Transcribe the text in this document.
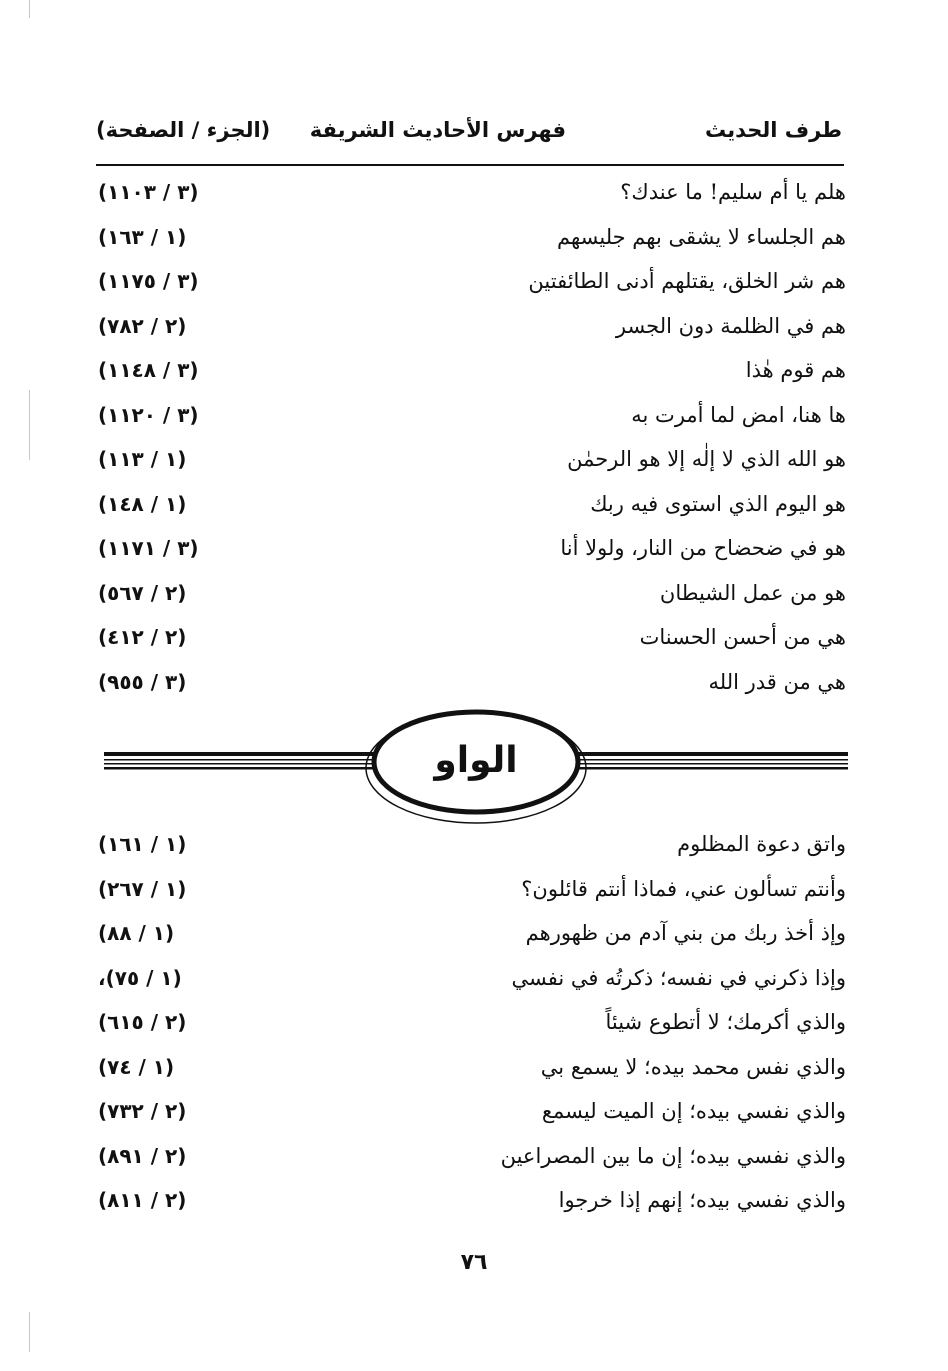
طرف الحديث
فهرس الأحاديث الشريفة
(الجزء / الصفحة)
هلم يا أم سليم! ما عندك؟
(٣ / ١١٠٣)
هم الجلساء لا يشقى بهم جليسهم
(١ / ١٦٣)
هم شر الخلق، يقتلهم أدنى الطائفتين
(٣ / ١١٧٥)
هم في الظلمة دون الجسر
(٢ / ٧٨٢)
هم قوم هٰذا
(٣ / ١١٤٨)
ها هنا، امض لما أمرت به
(٣ / ١١٢٠)
هو الله الذي لا إلٰه إلا هو الرحمٰن
(١ / ١١٣)
هو اليوم الذي استوى فيه ربك
(١ / ١٤٨)
هو في ضحضاح من النار، ولولا أنا
(٣ / ١١٧١)
هو من عمل الشيطان
(٢ / ٥٦٧)
هي من أحسن الحسنات
(٢ / ٤١٢)
هي من قدر الله
(٣ / ٩٥٥)
الواو
واتق دعوة المظلوم
(١ / ١٦١)
وأنتم تسألون عني، فماذا أنتم قائلون؟
(١ / ٢٦٧)
وإذ أخذ ربك من بني آدم من ظهورهم
(١ / ٨٨)
وإذا ذكرني في نفسه؛ ذكرتُه في نفسي
(١ / ٧٥)،
والذي أكرمك؛ لا أتطوع شيئاً
(٢ / ٦١٥)
والذي نفس محمد بيده؛ لا يسمع بي
(١ / ٧٤)
والذي نفسي بيده؛ إن الميت ليسمع
(٢ / ٧٣٢)
والذي نفسي بيده؛ إن ما بين المصراعين
(٢ / ٨٩١)
والذي نفسي بيده؛ إنهم إذا خرجوا
(٢ / ٨١١)
٧٦
